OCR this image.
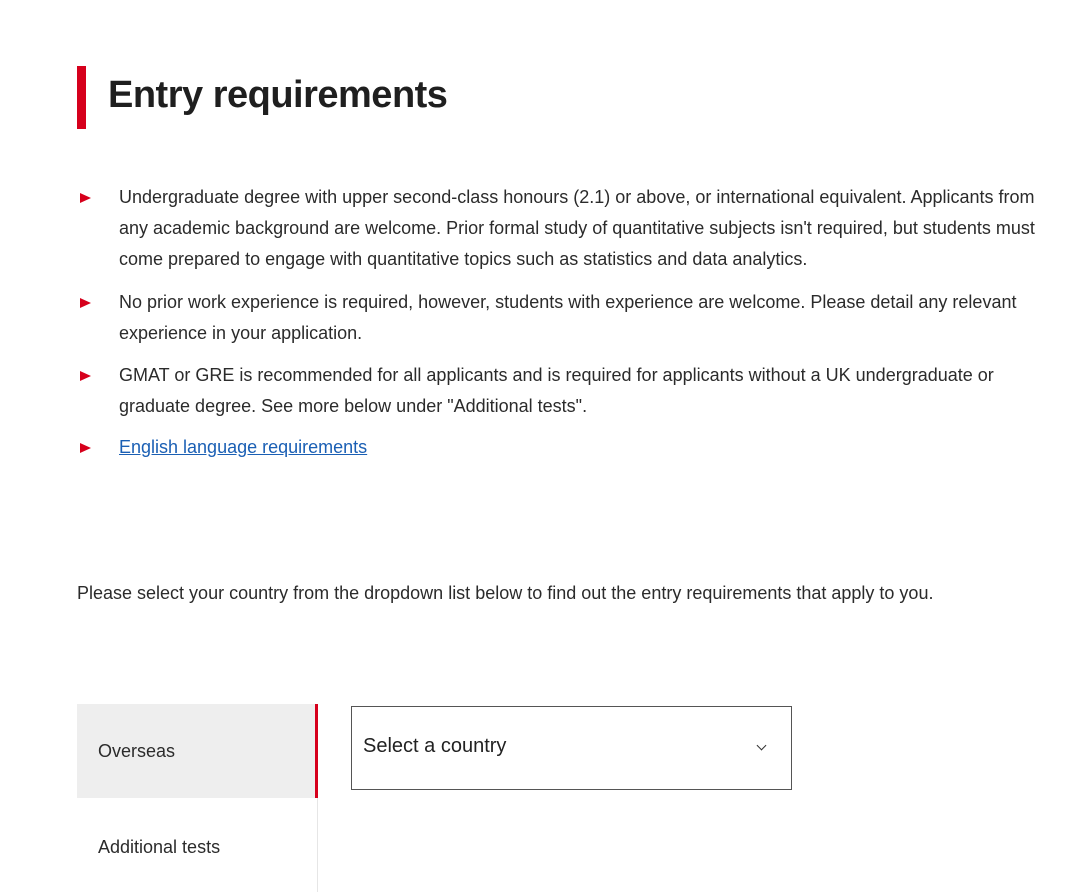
Entry requirements
Undergraduate degree with upper second-class honours (2.1) or above, or international equivalent. Applicants from any academic background are welcome. Prior formal study of quantitative subjects isn't required, but students must come prepared to engage with quantitative topics such as statistics and data analytics.
No prior work experience is required, however, students with experience are welcome. Please detail any relevant experience in your application.
GMAT or GRE is recommended for all applicants and is required for applicants without a UK undergraduate or graduate degree. See more below under "Additional tests".
English language requirements

Please select your country from the dropdown list below to find out the entry requirements that apply to you.

Overseas
Additional tests
Select a country
